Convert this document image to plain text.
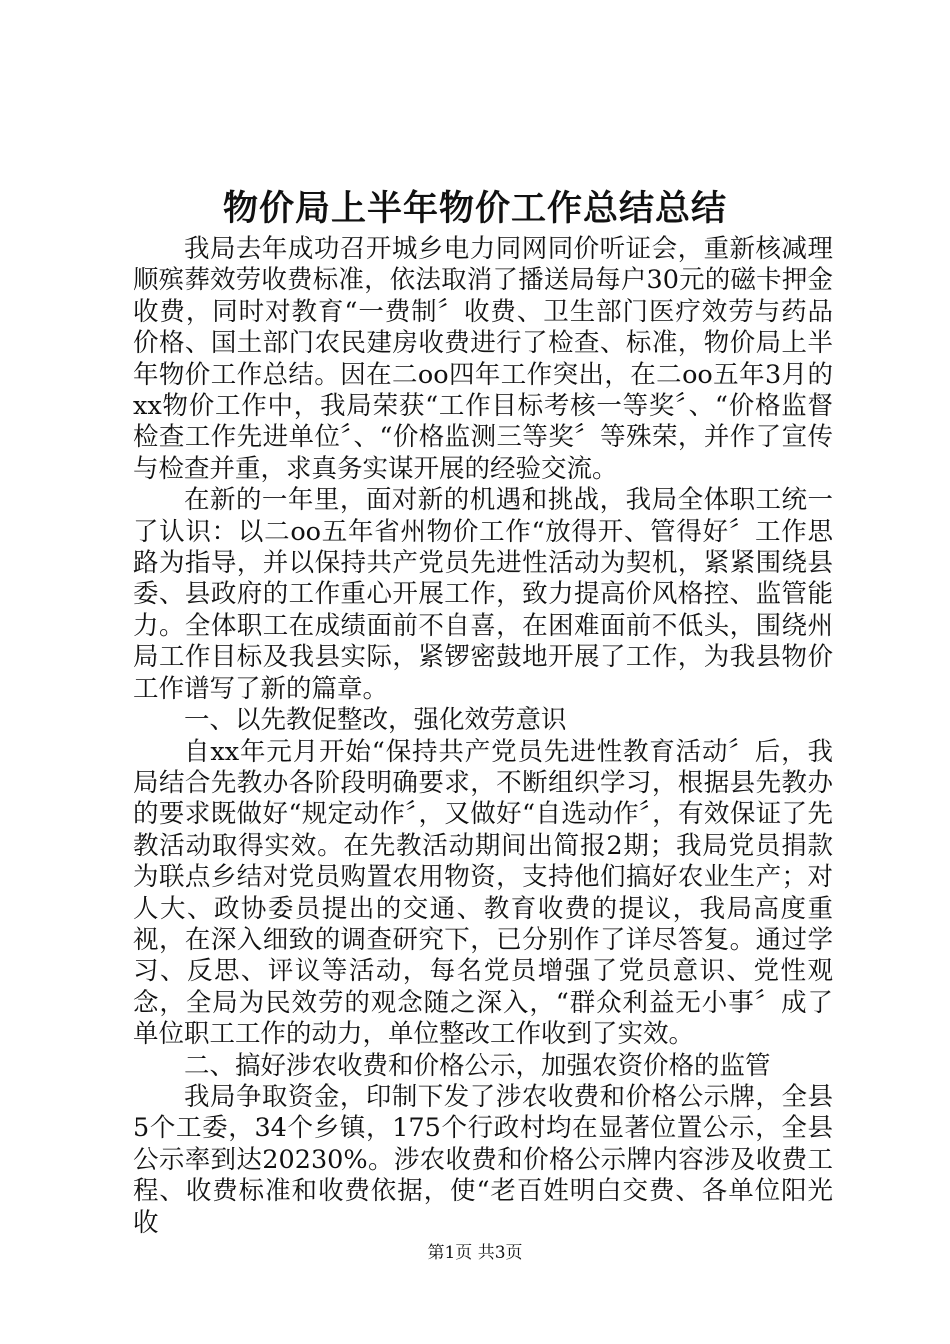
物价局上半年物价工作总结总结

我局去年成功召开城乡电力同网同价听证会，重新核减理顺殡葬效劳收费标准，依法取消了播送局每户30元的磁卡押金收费，同时对教育“一费制〞收费、卫生部门医疗效劳与药品价格、国土部门农民建房收费进行了检查、标准，物价局上半年物价工作总结。因在二oo四年工作突出，在二oo五年3月的xx物价工作中，我局荣获“工作目标考核一等奖〞、“价格监督检查工作先进单位〞、“价格监测三等奖〞等殊荣，并作了宣传与检查并重，求真务实谋开展的经验交流。

在新的一年里，面对新的机遇和挑战，我局全体职工统一了认识：以二oo五年省州物价工作“放得开、管得好〞工作思路为指导，并以保持共产党员先进性活动为契机，紧紧围绕县委、县政府的工作重心开展工作，致力提高价风格控、监管能力。全体职工在成绩面前不自喜，在困难面前不低头，围绕州局工作目标及我县实际，紧锣密鼓地开展了工作，为我县物价工作谱写了新的篇章。

一、以先教促整改，强化效劳意识

自xx年元月开始“保持共产党员先进性教育活动〞后，我局结合先教办各阶段明确要求，不断组织学习，根据县先教办的要求既做好“规定动作〞，又做好“自选动作〞，有效保证了先教活动取得实效。在先教活动期间出简报2期；我局党员捐款为联点乡结对党员购置农用物资，支持他们搞好农业生产；对人大、政协委员提出的交通、教育收费的提议，我局高度重视，在深入细致的调查研究下，已分别作了详尽答复。通过学习、反思、评议等活动，每名党员增强了党员意识、党性观念，全局为民效劳的观念随之深入，“群众利益无小事〞成了单位职工工作的动力，单位整改工作收到了实效。

二、搞好涉农收费和价格公示，加强农资价格的监管

我局争取资金，印制下发了涉农收费和价格公示牌，全县5个工委，34个乡镇，175个行政村均在显著位置公示，全县公示率到达20230%。涉农收费和价格公示牌内容涉及收费工程、收费标准和收费依据，使“老百姓明白交费、各单位阳光收

第1页 共3页
